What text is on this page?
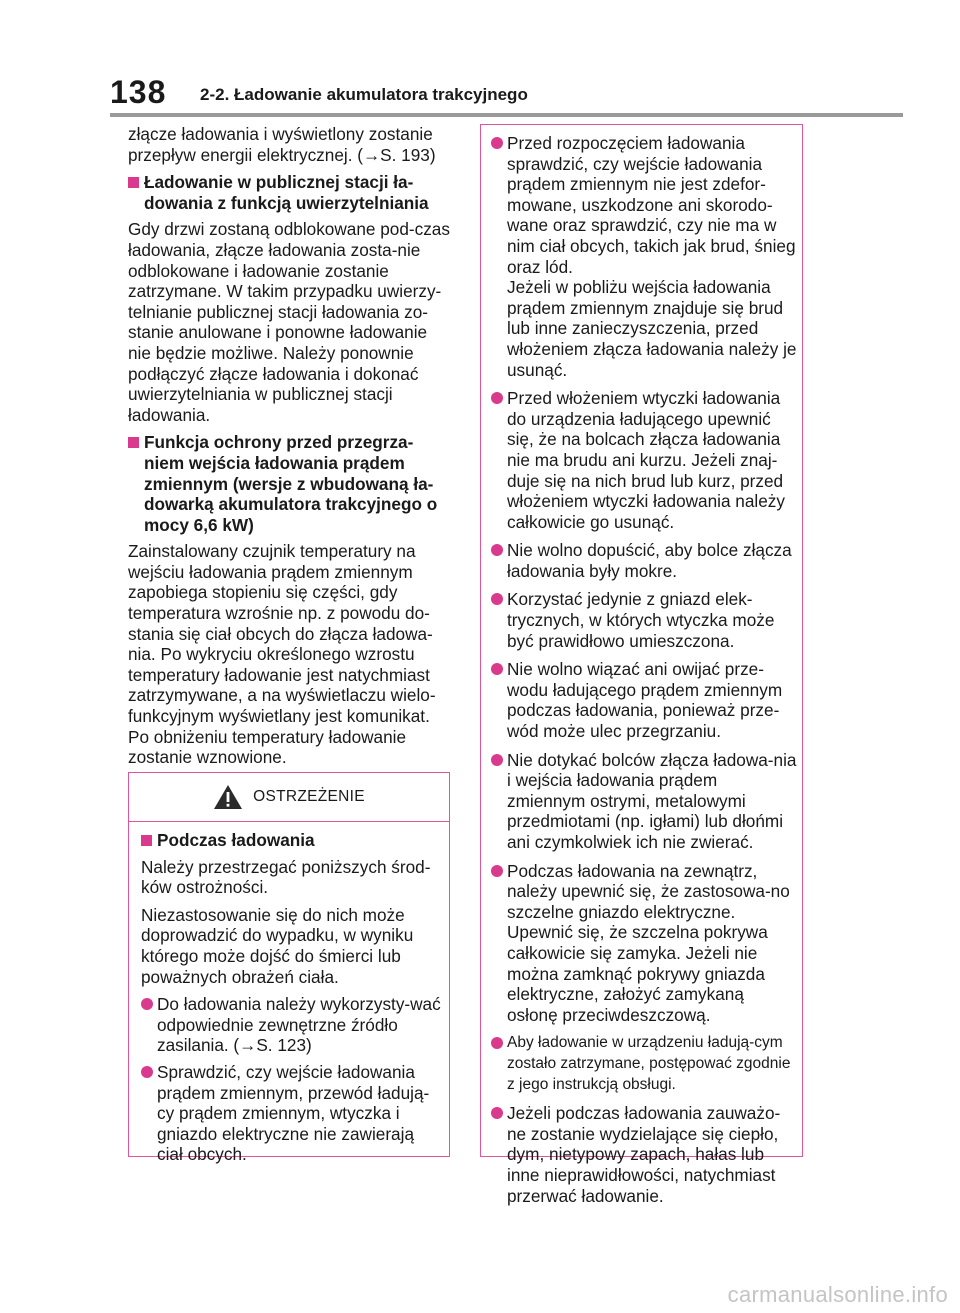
138 2-2. Ładowanie akumulatora trakcyjnego

złącze ładowania i wyświetlony zostanie przepływ energii elektrycznej. (→S. 193)

Ładowanie w publicznej stacji ła-dowania z funkcją uwierzytelniania

Gdy drzwi zostaną odblokowane pod-czas ładowania, złącze ładowania zosta-nie odblokowane i ładowanie zostanie zatrzymane. W takim przypadku uwierzy-telnianie publicznej stacji ładowania zo-stanie anulowane i ponowne ładowanie nie będzie możliwe. Należy ponownie podłączyć złącze ładowania i dokonać uwierzytelniania w publicznej stacji ładowania.

Funkcja ochrony przed przegrza-niem wejścia ładowania prądem zmiennym (wersje z wbudowaną ła-dowarką akumulatora trakcyjnego o mocy 6,6 kW)

Zainstalowany czujnik temperatury na wejściu ładowania prądem zmiennym zapobiega stopieniu się części, gdy temperatura wzrośnie np. z powodu do-stania się ciał obcych do złącza ładowa-nia. Po wykryciu określonego wzrostu temperatury ładowanie jest natychmiast zatrzymywane, a na wyświetlaczu wielo-funkcyjnym wyświetlany jest komunikat. Po obniżeniu temperatury ładowanie zostanie wznowione.

OSTRZEŻENIE
Podczas ładowania

Należy przestrzegać poniższych środ-ków ostrożności.

Niezastosowanie się do nich może doprowadzić do wypadku, w wyniku którego może dojść do śmierci lub poważnych obrażeń ciała.

Do ładowania należy wykorzysty-wać odpowiednie zewnętrzne źródło zasilania. (→S. 123)
Sprawdzić, czy wejście ładowania prądem zmiennym, przewód ładują-cy prądem zmiennym, wtyczka i gniazdo elektryczne nie zawierają ciał obcych.
Przed rozpoczęciem ładowania sprawdzić, czy wejście ładowania prądem zmiennym nie jest zdefor-mowane, uszkodzone ani skorodo-wane oraz sprawdzić, czy nie ma w nim ciał obcych, takich jak brud, śnieg oraz lód.
Jeżeli w pobliżu wejścia ładowania prądem zmiennym znajduje się brud lub inne zanieczyszczenia, przed włożeniem złącza ładowania należy je usunąć.
Przed włożeniem wtyczki ładowania do urządzenia ładującego upewnić się, że na bolcach złącza ładowania nie ma brudu ani kurzu. Jeżeli znaj-duje się na nich brud lub kurz, przed włożeniem wtyczki ładowania należy całkowicie go usunąć.
Nie wolno dopuścić, aby bolce złącza ładowania były mokre.
Korzystać jedynie z gniazd elek-trycznych, w których wtyczka może być prawidłowo umieszczona.
Nie wolno wiązać ani owijać prze-wodu ładującego prądem zmiennym podczas ładowania, ponieważ prze-wód może ulec przegrzaniu.
Nie dotykać bolców złącza ładowa-nia i wejścia ładowania prądem zmiennym ostrymi, metalowymi przedmiotami (np. igłami) lub dłońmi ani czymkolwiek ich nie zwierać.
Podczas ładowania na zewnątrz, należy upewnić się, że zastosowa-no szczelne gniazdo elektryczne. Upewnić się, że szczelna pokrywa całkowicie się zamyka. Jeżeli nie można zamknąć pokrywy gniazda elektryczne, założyć zamykaną osłonę przeciwdeszczową.
Aby ładowanie w urządzeniu ładują-cym zostało zatrzymane, postępować zgodnie z jego instrukcją obsługi.
Jeżeli podczas ładowania zauważo-ne zostanie wydzielające się ciepło, dym, nietypowy zapach, hałas lub inne nieprawidłowości, natychmiast przerwać ładowanie.
carmanualsonline.info
